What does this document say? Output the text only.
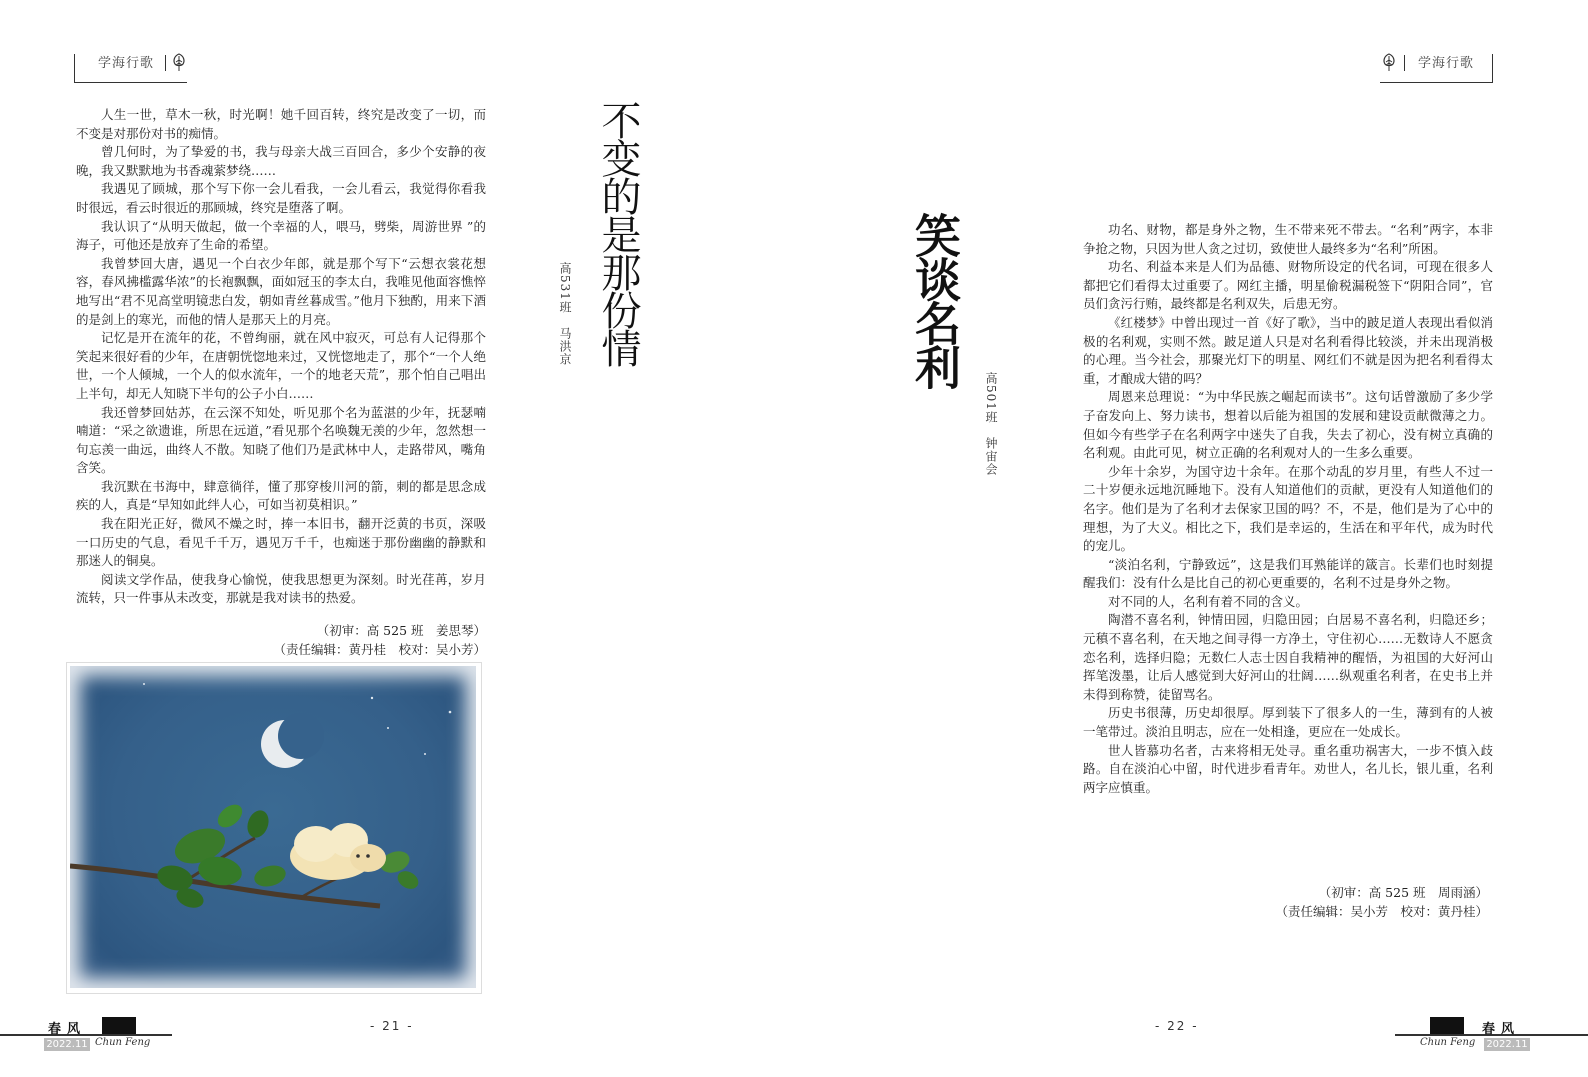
学海行歌	学海行歌

人生一世，草木一秋，时光啊！她千回百转，终究是改变了一切，而不变是对那份对书的痴情。

曾几何时，为了挚爱的书，我与母亲大战三百回合，多少个安静的夜晚，我又默默地为书香魂萦梦绕……

我遇见了顾城，那个写下你一会儿看我，一会儿看云，我觉得你看我时很远，看云时很近的那顾城，终究是堕落了啊。

我认识了“从明天做起，做一个幸福的人，喂马，劈柴，周游世界 ”的海子，可他还是放弃了生命的希望。

我曾梦回大唐，遇见一个白衣少年郎，就是那个写下“云想衣裳花想容，春风拂槛露华浓”的长袍飘飘，面如冠玉的李太白，我唯见他面容憔悴地写出“君不见高堂明镜悲白发，朝如青丝暮成雪。”他月下独酌，用来下酒的是剑上的寒光，而他的情人是那天上的月亮。

记忆是开在流年的花，不曾绚丽，就在风中寂灭，可总有人记得那个笑起来很好看的少年，在唐朝恍惚地来过，又恍惚地走了，那个“一个人绝世，一个人倾城，一个人的似水流年，一个的地老天荒”，那个怕自己唱出上半句，却无人知晓下半句的公子小白……

我还曾梦回姑苏，在云深不知处，听见那个名为蓝湛的少年，抚瑟喃喃道：“采之欲遗谁，所思在远道，”看见那个名唤魏无羡的少年，忽然想一句忘羡一曲远，曲终人不散。知晓了他们乃是武林中人，走路带风，嘴角含笑。

我沉默在书海中，肆意徜徉，懂了那穿梭川河的箭，刺的都是思念成疾的人，真是“早知如此绊人心，可如当初莫相识。”

我在阳光正好，微风不燥之时，捧一本旧书，翻开泛黄的书页，深吸一口历史的气息，看见千千万，遇见万千千，也痴迷于那份幽幽的静默和那迷人的铜臭。

阅读文学作品，使我身心愉悦，使我思想更为深刻。时光荏苒，岁月流转，只一件事从未改变，那就是我对读书的热爱。

（初审：高 525 班　姜思琴）
（责任编辑：黄丹桂　校对：吴小芳）
不变的是那份情
高531班　马洪京	笑谈名利
高501班　钟宙会

功名、财物，都是身外之物，生不带来死不带去。“名利”两字，本非争抢之物，只因为世人贪之过切，致使世人最终多为“名利”所困。

功名、利益本来是人们为品德、财物所设定的代名词，可现在很多人都把它们看得太过重要了。网红主播，明星偷税漏税签下“阴阳合同”，官员们贪污行贿，最终都是名利双失，后患无穷。

《红楼梦》中曾出现过一首《好了歌》，当中的跛足道人表现出看似消极的名利观，实则不然。跛足道人只是对名利看得比较淡，并未出现消极的心理。当今社会，那聚光灯下的明星、网红们不就是因为把名利看得太重，才酿成大错的吗？

周恩来总理说：“为中华民族之崛起而读书”。这句话曾激励了多少学子奋发向上、努力读书，想着以后能为祖国的发展和建设贡献微薄之力。但如今有些学子在名利两字中迷失了自我，失去了初心，没有树立真确的名利观。由此可见，树立正确的名利观对人的一生多么重要。

少年十余岁，为国守边十余年。在那个动乱的岁月里，有些人不过一二十岁便永远地沉睡地下。没有人知道他们的贡献，更没有人知道他们的名字。他们是为了名利才去保家卫国的吗？不，不是，他们是为了心中的理想，为了大义。相比之下，我们是幸运的，生活在和平年代，成为时代的宠儿。

“淡泊名利，宁静致远”，这是我们耳熟能详的箴言。长辈们也时刻提醒我们：没有什么是比自己的初心更重要的，名利不过是身外之物。

对不同的人，名利有着不同的含义。

陶潜不喜名利，钟情田园，归隐田园；白居易不喜名利，归隐还乡；元稹不喜名利，在天地之间寻得一方净土，守住初心……无数诗人不愿贪恋名利，选择归隐；无数仁人志士因自我精神的醒悟，为祖国的大好河山挥笔泼墨，让后人感觉到大好河山的壮阔……纵观重名利者，在史书上并未得到称赞，徒留骂名。

历史书很薄，历史却很厚。厚到装下了很多人的一生，薄到有的人被一笔带过。淡泊且明志，应在一处相逢，更应在一处成长。

世人皆慕功名者，古来将相无处寻。重名重功祸害大，一步不慎入歧路。自在淡泊心中留，时代进步看青年。劝世人，名儿长，银儿重，名利两字应慎重。

（初审：高 525 班　周雨涵）
（责任编辑：吴小芳　校对：黄丹桂）
春风
2022.11 Chun Feng
- 21 -	- 22 -	春风
Chun Feng 2022.11
